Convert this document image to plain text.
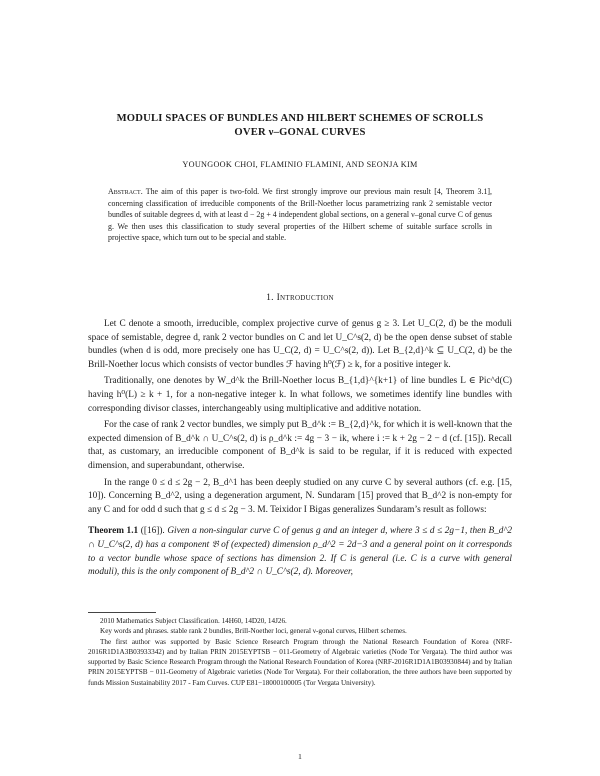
MODULI SPACES OF BUNDLES AND HILBERT SCHEMES OF SCROLLS
OVER ν–GONAL CURVES
YOUNGOOK CHOI, FLAMINIO FLAMINI, AND SEONJA KIM
Abstract. The aim of this paper is two-fold. We first strongly improve our previous main result [4, Theorem 3.1], concerning classification of irreducible components of the Brill-Noether locus parametrizing rank 2 semistable vector bundles of suitable degrees d, with at least d − 2g + 4 independent global sections, on a general ν–gonal curve C of genus g. We then uses this classification to study several properties of the Hilbert scheme of suitable surface scrolls in projective space, which turn out to be special and stable.
1. Introduction

Let C denote a smooth, irreducible, complex projective curve of genus g ≥ 3. Let U_C(2, d) be the moduli space of semistable, degree d, rank 2 vector bundles on C and let U_C^s(2, d) be the open dense subset of stable bundles (when d is odd, more precisely one has U_C(2, d) = U_C^s(2, d)). Let B_{2,d}^k ⊆ U_C(2, d) be the Brill-Noether locus which consists of vector bundles ℱ having h⁰(ℱ) ≥ k, for a positive integer k.

Traditionally, one denotes by W_d^k the Brill-Noether locus B_{1,d}^{k+1} of line bundles L ∈ Pic^d(C) having h⁰(L) ≥ k + 1, for a non-negative integer k. In what follows, we sometimes identify line bundles with corresponding divisor classes, interchangeably using multiplicative and additive notation.

For the case of rank 2 vector bundles, we simply put B_d^k := B_{2,d}^k, for which it is well-known that the expected dimension of B_d^k ∩ U_C^s(2, d) is ρ_d^k := 4g − 3 − ik, where i := k + 2g − 2 − d (cf. [15]). Recall that, as customary, an irreducible component of B_d^k is said to be regular, if it is reduced with expected dimension, and superabundant, otherwise.

In the range 0 ≤ d ≤ 2g − 2, B_d^1 has been deeply studied on any curve C by several authors (cf. e.g. [15, 10]). Concerning B_d^2, using a degeneration argument, N. Sundaram [15] proved that B_d^2 is non-empty for any C and for odd d such that g ≤ d ≤ 2g − 3. M. Teixidor I Bigas generalizes Sundaram’s result as follows:

Theorem 1.1 ([16]). Given a non-singular curve C of genus g and an integer d, where 3 ≤ d ≤ 2g−1, then B_d^2 ∩ U_C^s(2, d) has a component 𝔅 of (expected) dimension ρ_d^2 = 2d−3 and a general point on it corresponds to a vector bundle whose space of sections has dimension 2. If C is general (i.e. C is a curve with general moduli), this is the only component of B_d^2 ∩ U_C^s(2, d). Moreover,

2010 Mathematics Subject Classification. 14H60, 14D20, 14J26.

Key words and phrases. stable rank 2 bundles, Brill-Noether loci, general ν-gonal curves, Hilbert schemes.

The first author was supported by Basic Science Research Program through the National Research Foundation of Korea (NRF-2016R1D1A3B03933342) and by Italian PRIN 2015EYPTSB − 011-Geometry of Algebraic varieties (Node Tor Vergata). The third author was supported by Basic Science Research Program through the National Research Foundation of Korea (NRF-2016R1D1A1B03930844) and by Italian PRIN 2015EYPTSB − 011-Geometry of Algebraic varieties (Node Tor Vergata). For their collaboration, the three authors have been supported by funds Mission Sustainability 2017 - Fam Curves. CUP E81−18000100005 (Tor Vergata University).

1
